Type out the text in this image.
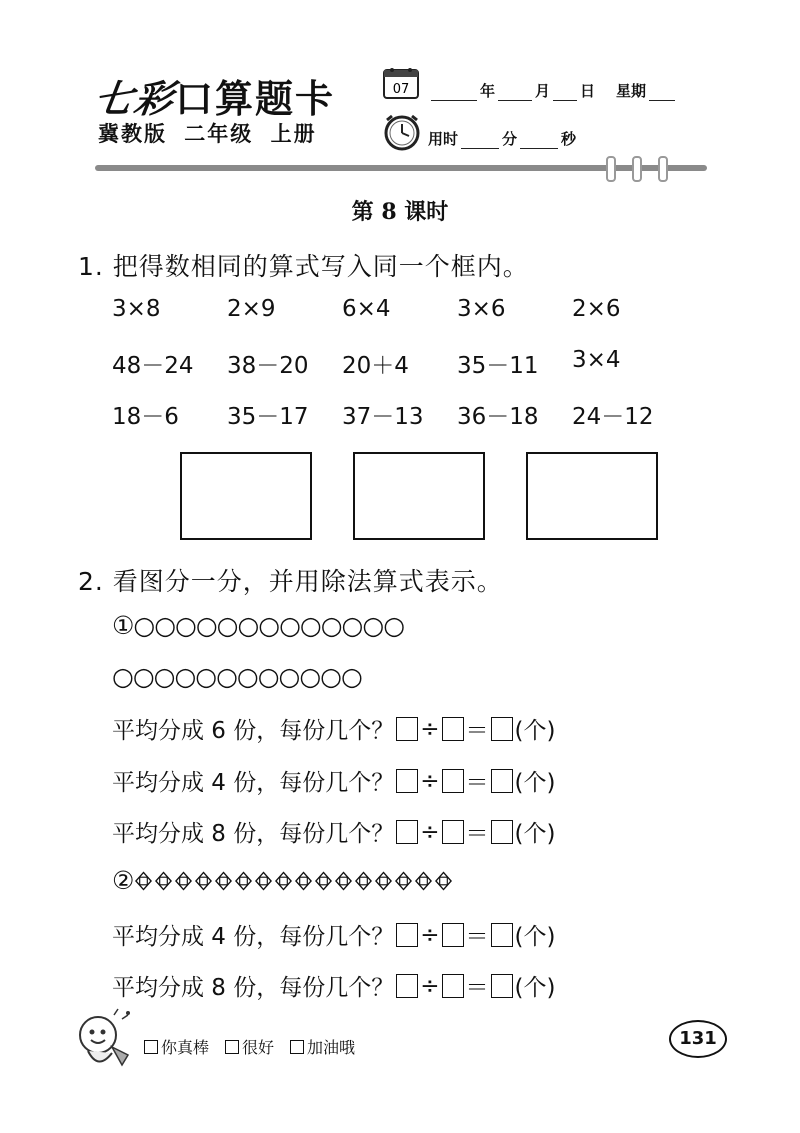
七彩口算题卡
冀教版 二年级 上册
07	年	月 日 星期
用时	分	秒
第 8 课时
1. 把得数相同的算式写入同一个框内。
3×8	2×9	6×4	3×6	2×6
48－24	38－20	20＋4	35－11	3×4
18－6	35－17	37－13	36－18	24－12
2. 看图分一分，并用除法算式表示。
①○○○○○○○○○○○○○
○○○○○○○○○○○○
平均分成 6 份，每份几个？ ÷ ＝ (个)
平均分成 4 份，每份几个？ ÷ ＝ (个)
平均分成 8 份，每份几个？ ÷ ＝ (个)
②
平均分成 4 份，每份几个？ ÷ ＝ (个)
平均分成 8 份，每份几个？ ÷ ＝ (个)
你真棒 很好 加油哦	131
